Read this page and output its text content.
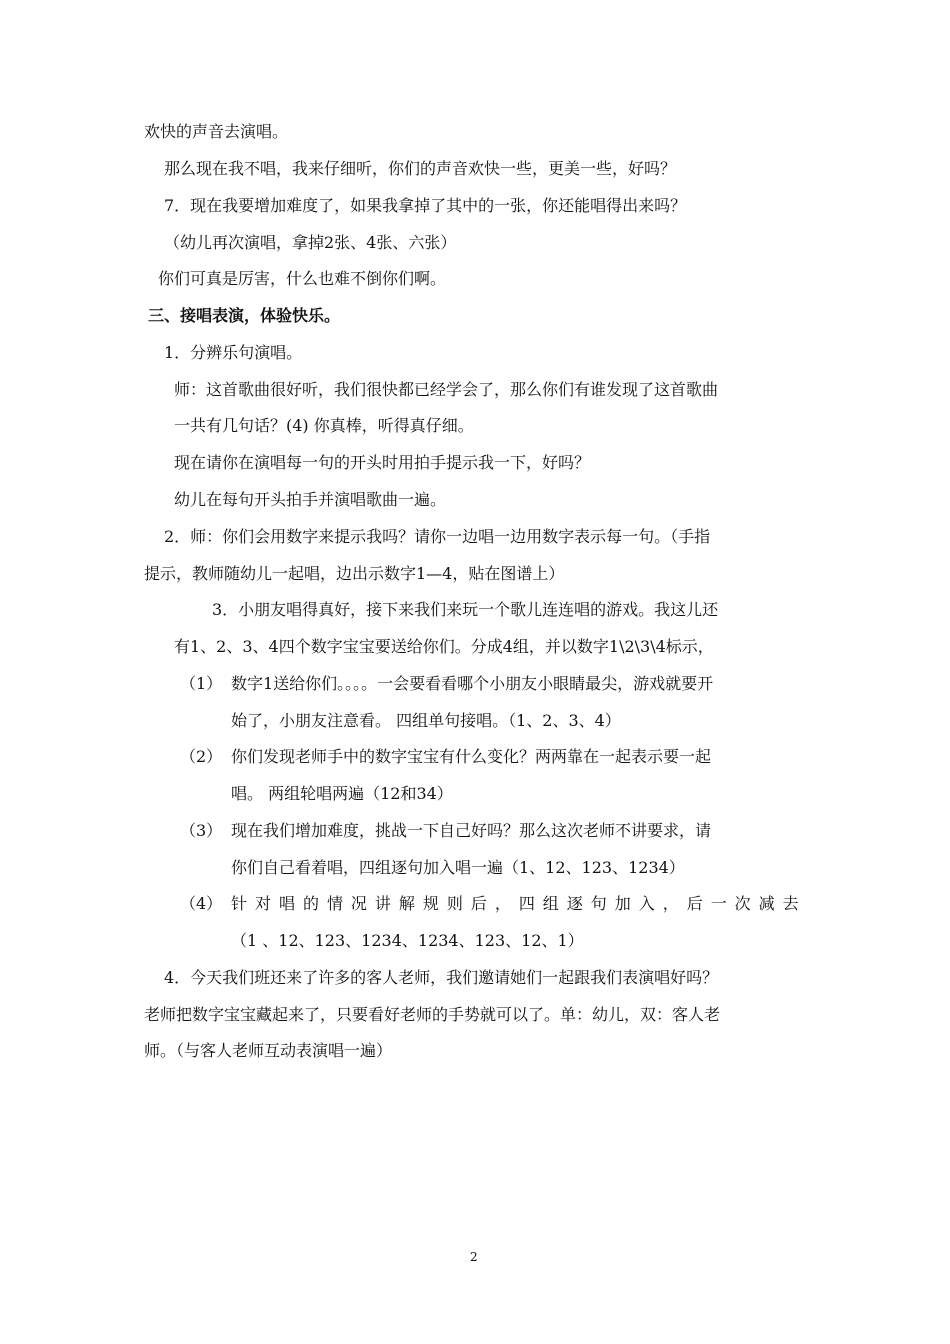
欢快的声音去演唱。
那么现在我不唱，我来仔细听，你们的声音欢快一些，更美一些，好吗？
7．现在我要增加难度了，如果我拿掉了其中的一张，你还能唱得出来吗？
（幼儿再次演唱，拿掉2张、4张、六张）
你们可真是厉害，什么也难不倒你们啊。
三、接唱表演，体验快乐。
1．分辨乐句演唱。
师：这首歌曲很好听，我们很快都已经学会了，那么你们有谁发现了这首歌曲
一共有几句话？(4) 你真棒，听得真仔细。
现在请你在演唱每一句的开头时用拍手提示我一下，好吗？
幼儿在每句开头拍手并演唱歌曲一遍。
2．师：你们会用数字来提示我吗？请你一边唱一边用数字表示每一句。（手指
提示，教师随幼儿一起唱，边出示数字1—4，贴在图谱上）
3．小朋友唱得真好，接下来我们来玩一个歌儿连连唱的游戏。我这儿还
有1、2、3、4四个数字宝宝要送给你们。分成4组，并以数字1\2\3\4标示，
（1） 数字1送给你们。。。。一会要看看哪个小朋友小眼睛最尖，游戏就要开
始了，小朋友注意看。 四组单句接唱。（1、2、3、4）
（2） 你们发现老师手中的数字宝宝有什么变化？两两靠在一起表示要一起
唱。 两组轮唱两遍（12和34）
（3） 现在我们增加难度，挑战一下自己好吗？那么这次老师不讲要求，请
你们自己看着唱，四组逐句加入唱一遍（1、12、123、1234）
（4） 针 对 唱 的 情 况 讲 解 规 则 后 ， 四 组 逐 句 加 入 ， 后 一 次 减 去
（1 、12、123、1234、1234、123、12、1）
4．今天我们班还来了许多的客人老师，我们邀请她们一起跟我们表演唱好吗？
老师把数字宝宝藏起来了，只要看好老师的手势就可以了。单：幼儿，双：客人老
师。（与客人老师互动表演唱一遍）
2
